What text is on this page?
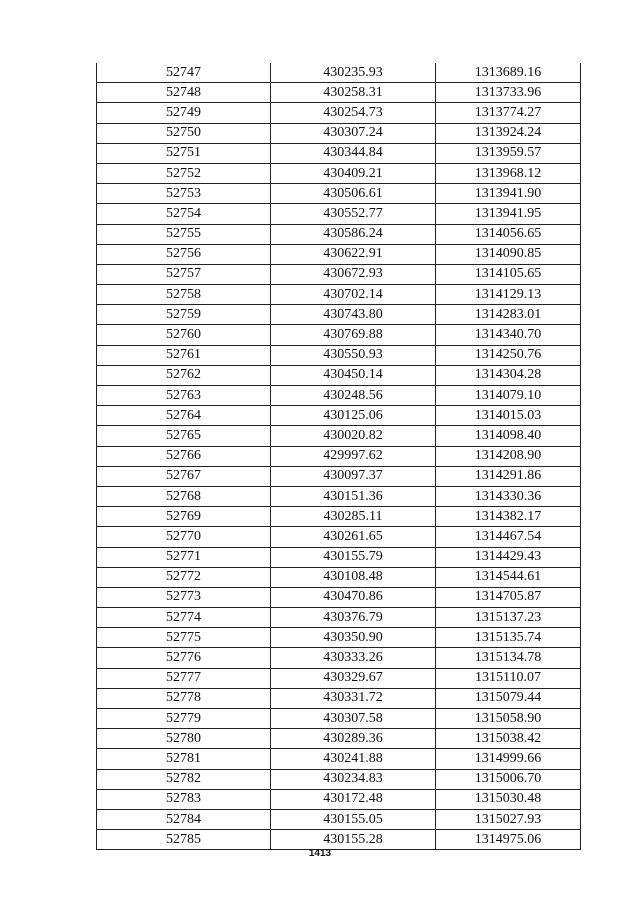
52747	430235.93	1313689.16
52748	430258.31	1313733.96
52749	430254.73	1313774.27
52750	430307.24	1313924.24
52751	430344.84	1313959.57
52752	430409.21	1313968.12
52753	430506.61	1313941.90
52754	430552.77	1313941.95
52755	430586.24	1314056.65
52756	430622.91	1314090.85
52757	430672.93	1314105.65
52758	430702.14	1314129.13
52759	430743.80	1314283.01
52760	430769.88	1314340.70
52761	430550.93	1314250.76
52762	430450.14	1314304.28
52763	430248.56	1314079.10
52764	430125.06	1314015.03
52765	430020.82	1314098.40
52766	429997.62	1314208.90
52767	430097.37	1314291.86
52768	430151.36	1314330.36
52769	430285.11	1314382.17
52770	430261.65	1314467.54
52771	430155.79	1314429.43
52772	430108.48	1314544.61
52773	430470.86	1314705.87
52774	430376.79	1315137.23
52775	430350.90	1315135.74
52776	430333.26	1315134.78
52777	430329.67	1315110.07
52778	430331.72	1315079.44
52779	430307.58	1315058.90
52780	430289.36	1315038.42
52781	430241.88	1314999.66
52782	430234.83	1315006.70
52783	430172.48	1315030.48
52784	430155.05	1315027.93
52785	430155.28	1314975.06
1413
